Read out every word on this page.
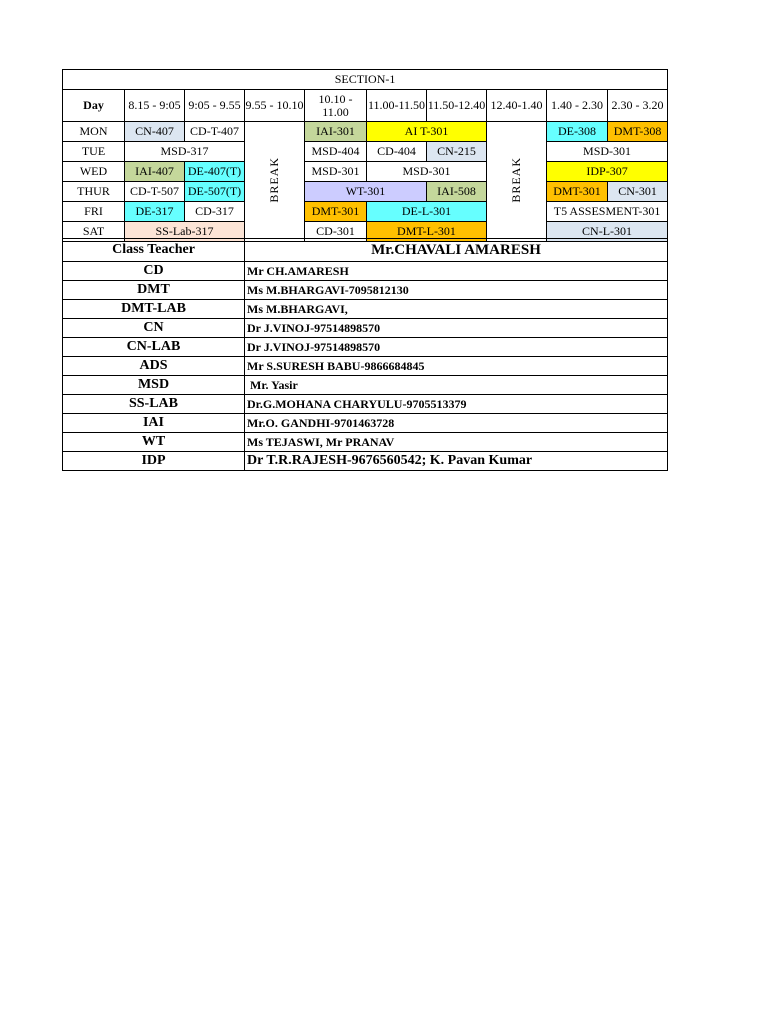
SECTION-1									
Day	8.15 - 9:05	9:05 - 9.55	9.55 - 10.10	10.10 - 11.00	11.00-11.50	11.50-12.40	12.40-1.40	1.40 - 2.30	2.30 - 3.20
MON	CN-407	CD-T-407	BREAK	IAI-301	AI T-301		BREAK	DE-308	DMT-308
TUE	MSD-317			MSD-404	CD-404	CN-215		MSD-301	
WED	IAI-407	DE-407(T)		MSD-301	MSD-301			IDP-307	
THUR	CD-T-507	DE-507(T)		WT-301		IAI-508		DMT-301	CN-301
FRI	DE-317	CD-317		DMT-301	DE-L-301			T5 ASSESMENT-301	
SAT	SS-Lab-317			CD-301	DMT-L-301			CN-L-301	
Class Teacher	Mr.CHAVALI AMARESH
CD	Mr CH.AMARESH
DMT	Ms M.BHARGAVI-7095812130
DMT-LAB	Ms M.BHARGAVI,
CN	Dr J.VINOJ-97514898570
CN-LAB	Dr J.VINOJ-97514898570
ADS	Mr S.SURESH BABU-9866684845
MSD	Mr. Yasir
SS-LAB	Dr.G.MOHANA CHARYULU-9705513379
IAI	Mr.O. GANDHI-9701463728
WT	Ms TEJASWI, Mr PRANAV
IDP	Dr T.R.RAJESH-9676560542; K. Pavan Kumar
